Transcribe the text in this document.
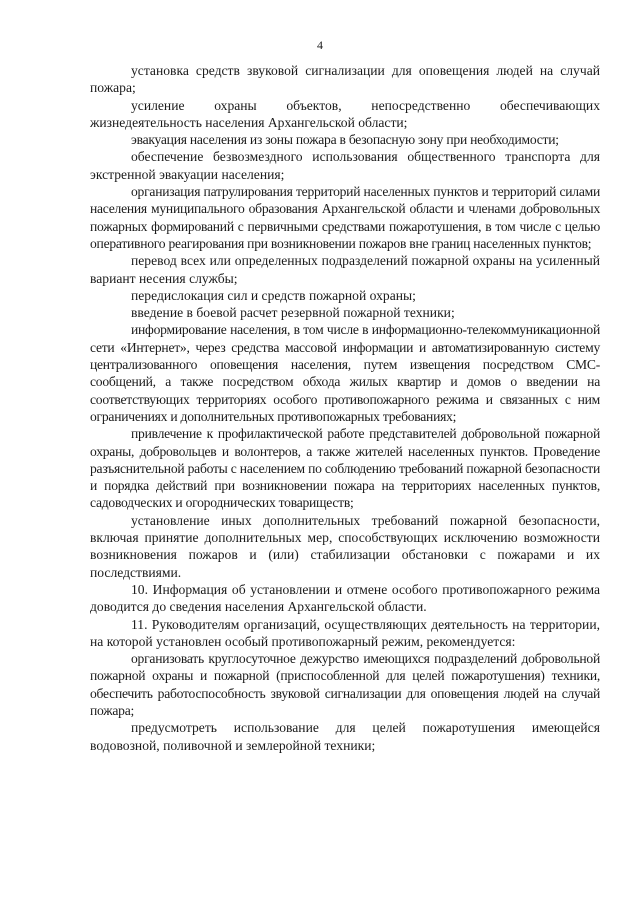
4

установка средств звуковой сигнализации для оповещения людей на случай пожара;

усиление охраны объектов, непосредственно обеспечивающих жизнедеятельность населения Архангельской области;

эвакуация населения из зоны пожара в безопасную зону при необходимости;

обеспечение безвозмездного использования общественного транспорта для экстренной эвакуации населения;

организация патрулирования территорий населенных пунктов и территорий силами населения муниципального образования Архангельской области и членами добровольных пожарных формирований с первичными средствами пожаротушения, в том числе с целью оперативного реагирования при возникновении пожаров вне границ населенных пунктов;

перевод всех или определенных подразделений пожарной охраны на усиленный вариант несения службы;

передислокация сил и средств пожарной охраны;

введение в боевой расчет резервной пожарной техники;

информирование населения, в том числе в информационно-телекоммуникационной сети «Интернет», через средства массовой информации и автоматизированную систему централизованного оповещения населения, путем извещения посредством СМС-сообщений, а также посредством обхода жилых квартир и домов о введении на соответствующих территориях особого противопожарного режима и связанных с ним ограничениях и дополнительных противопожарных требованиях;

привлечение к профилактической работе представителей добровольной пожарной охраны, добровольцев и волонтеров, а также жителей населенных пунктов. Проведение разъяснительной работы с населением по соблюдению требований пожарной безопасности и порядка действий при возникновении пожара на территориях населенных пунктов, садоводческих и огороднических товариществ;

установление иных дополнительных требований пожарной безопасности, включая принятие дополнительных мер, способствующих исключению возможности возникновения пожаров и (или) стабилизации обстановки с пожарами и их последствиями.

10. Информация об установлении и отмене особого противопожарного режима доводится до сведения населения Архангельской области.

11. Руководителям организаций, осуществляющих деятельность на территории, на которой установлен особый противопожарный режим, рекомендуется:

организовать круглосуточное дежурство имеющихся подразделений добровольной пожарной охраны и пожарной (приспособленной для целей пожаротушения) техники, обеспечить работоспособность звуковой сигнализации для оповещения людей на случай пожара;

предусмотреть использование для целей пожаротушения имеющейся водовозной, поливочной и землеройной техники;
